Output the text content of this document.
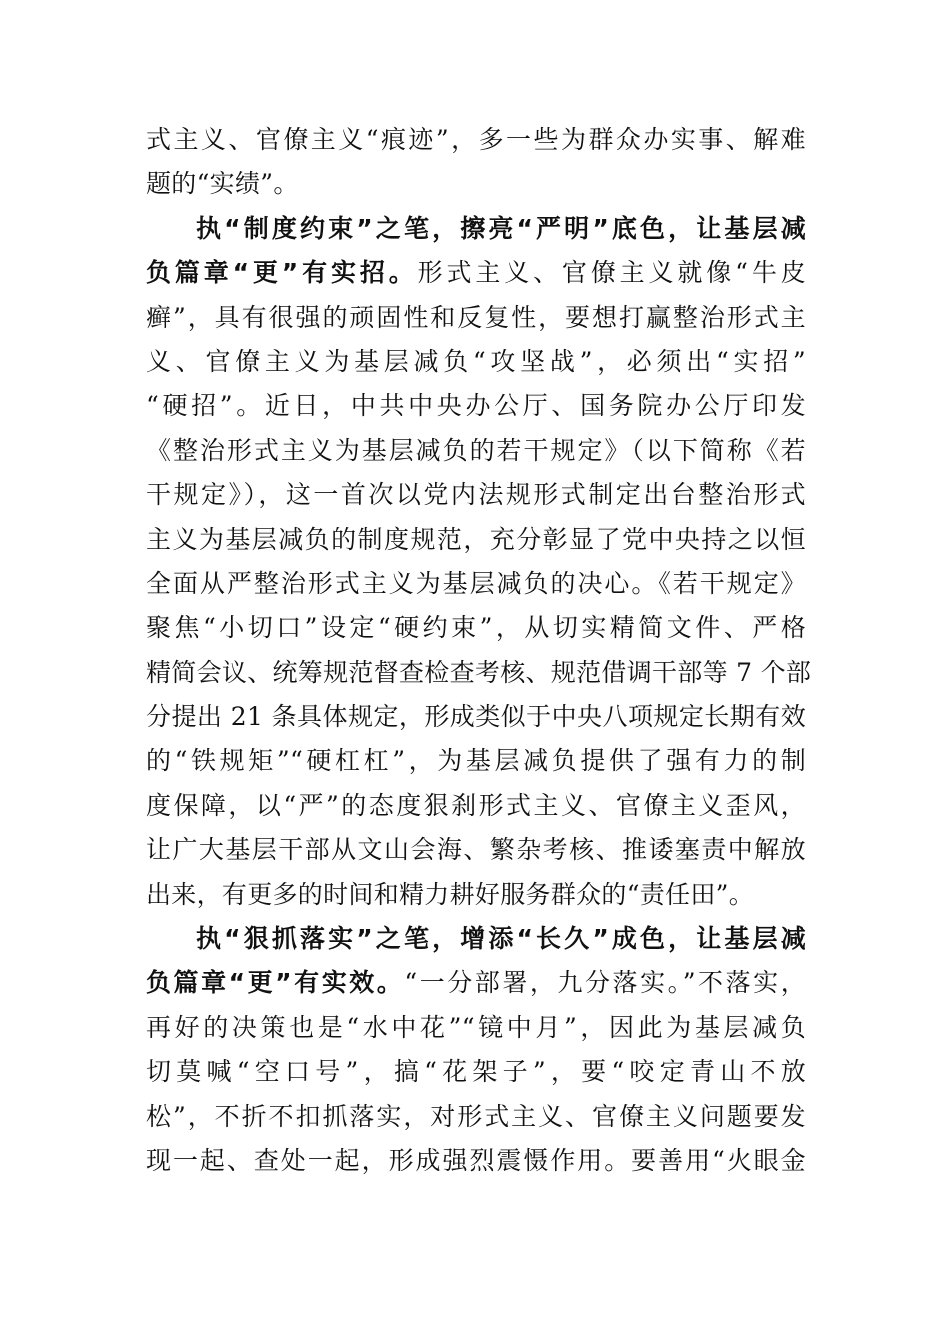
式主义、官僚主义“痕迹”，多一些为群众办实事、解难
题的“实绩”。
执“制度约束”之笔，擦亮“严明”底色，让基层减
负篇章“更”有实招。形式主义、官僚主义就像“牛皮
癣”，具有很强的顽固性和反复性，要想打赢整治形式主
义、官僚主义为基层减负“攻坚战”，必须出“实招”
“硬招”。近日，中共中央办公厅、国务院办公厅印发
《整治形式主义为基层减负的若干规定》（以下简称《若
干规定》），这一首次以党内法规形式制定出台整治形式
主义为基层减负的制度规范，充分彰显了党中央持之以恒
全面从严整治形式主义为基层减负的决心。《若干规定》
聚焦“小切口”设定“硬约束”，从切实精简文件、严格
精简会议、统筹规范督查检查考核、规范借调干部等 7 个部
分提出 21 条具体规定，形成类似于中央八项规定长期有效
的“铁规矩”“硬杠杠”，为基层减负提供了强有力的制
度保障，以“严”的态度狠刹形式主义、官僚主义歪风，
让广大基层干部从文山会海、繁杂考核、推诿塞责中解放
出来，有更多的时间和精力耕好服务群众的“责任田”。
执“狠抓落实”之笔，增添“长久”成色，让基层减
负篇章“更”有实效。“一分部署，九分落实。”不落实，
再好的决策也是“水中花”“镜中月”，因此为基层减负
切莫喊“空口号”，搞“花架子”，要“咬定青山不放
松”，不折不扣抓落实，对形式主义、官僚主义问题要发
现一起、查处一起，形成强烈震慑作用。要善用“火眼金
